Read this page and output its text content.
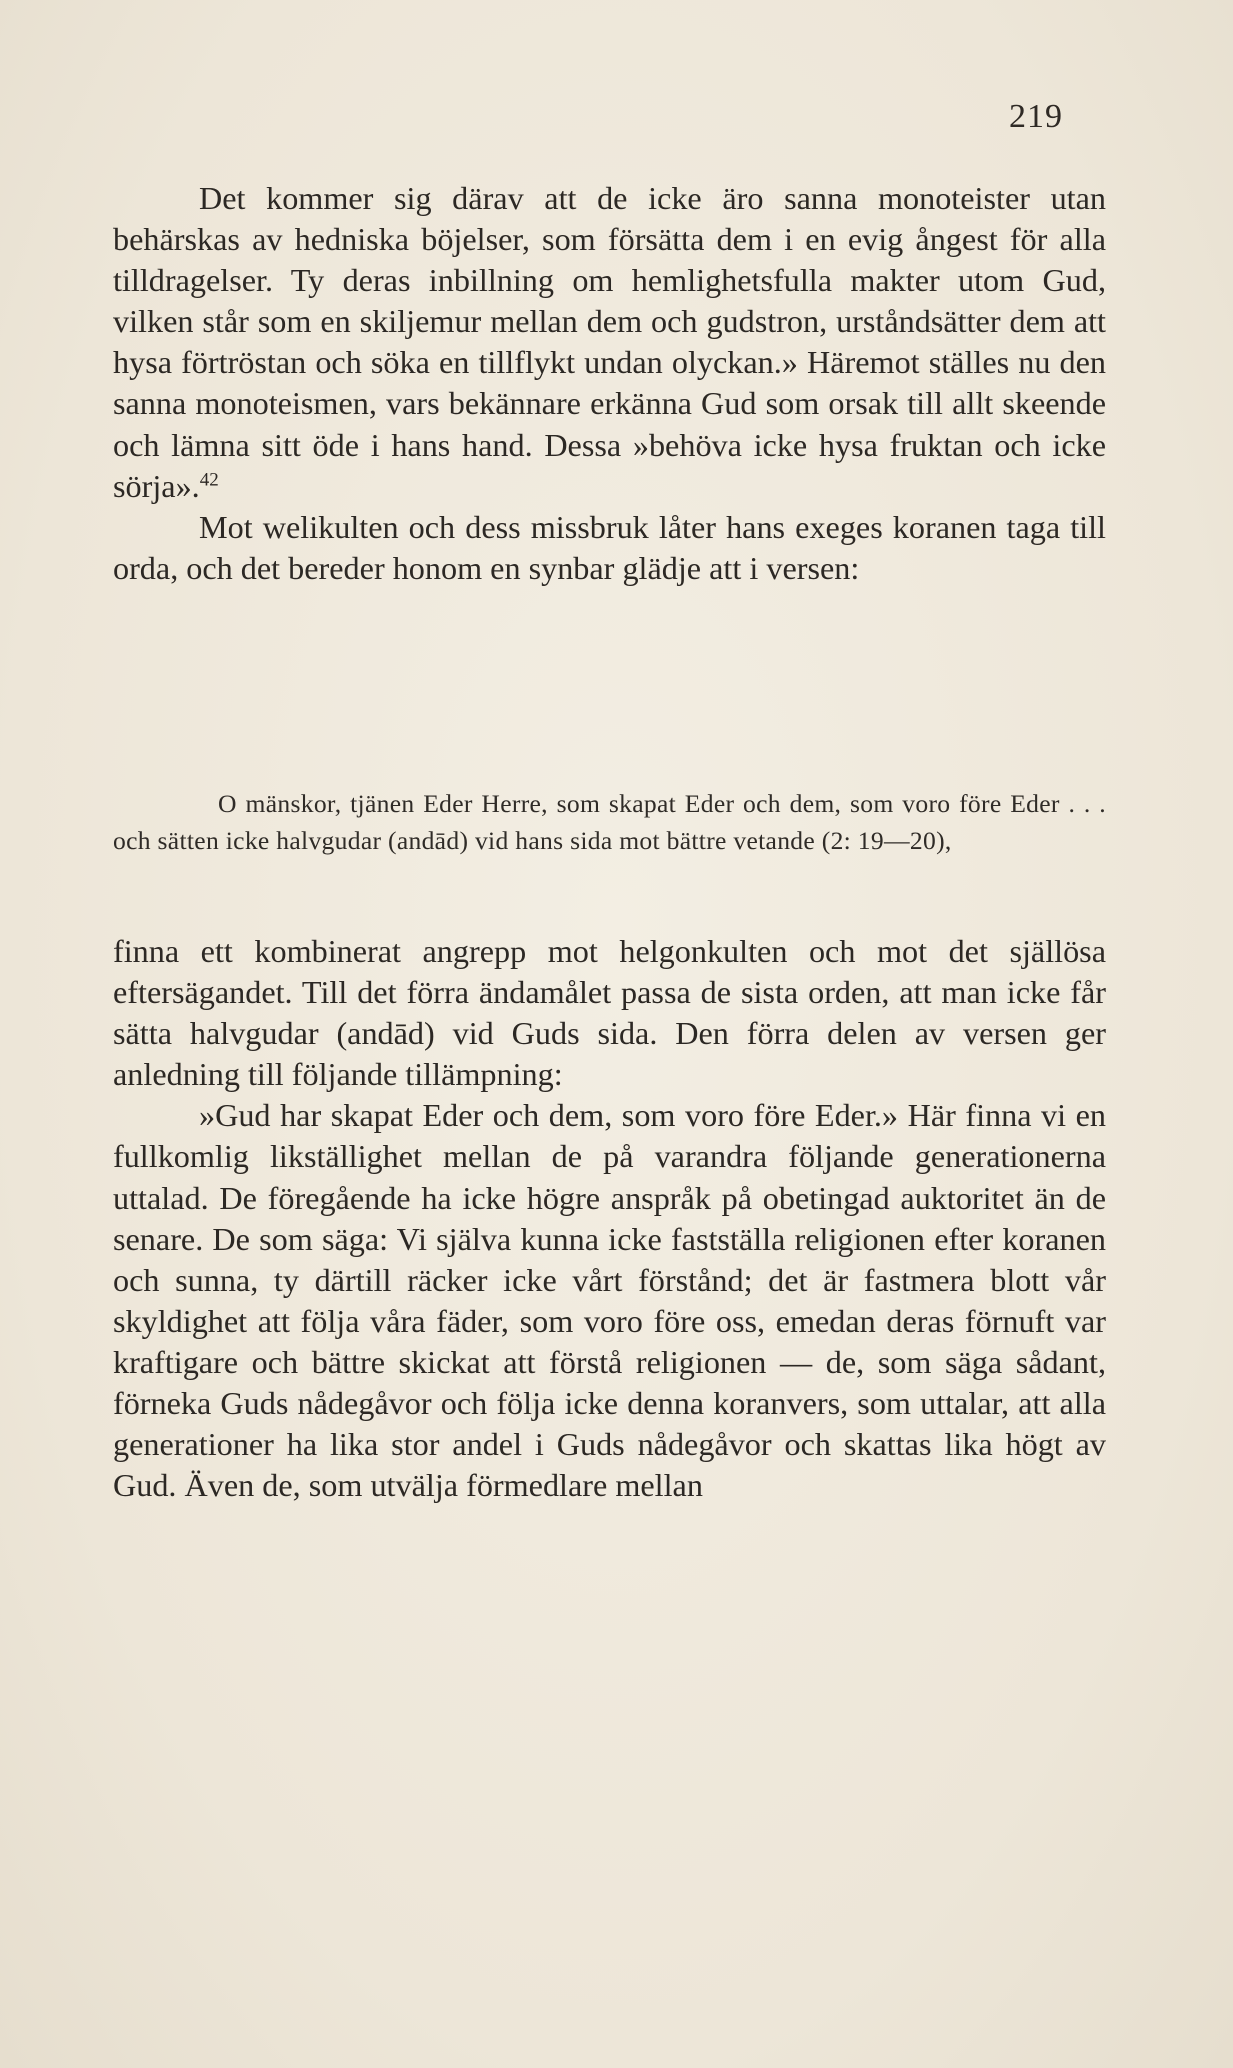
219

Det kommer sig därav att de icke äro sanna monoteister utan behärskas av hedniska böjelser, som försätta dem i en evig ångest för alla tilldragelser. Ty deras inbillning om hemlighetsfulla makter utom Gud, vilken står som en skiljemur mellan dem och gudstron, urståndsätter dem att hysa förtröstan och söka en tillflykt undan olyckan.» Häremot ställes nu den sanna monoteismen, vars bekännare erkänna Gud som orsak till allt skeende och lämna sitt öde i hans hand. Dessa »behöva icke hysa fruktan och icke sörja».$^{42}$

Mot welikulten och dess missbruk låter hans exeges koranen taga till orda, och det bereder honom en synbar glädje att i versen:

O mänskor, tjänen Eder Herre, som skapat Eder och dem, som voro före Eder . . . och sätten icke halvgudar (andād) vid hans sida mot bättre vetande (2: 19—20),

finna ett kombinerat angrepp mot helgonkulten och mot det själlösa eftersägandet. Till det förra ändamålet passa de sista orden, att man icke får sätta halvgudar (andād) vid Guds sida. Den förra delen av versen ger anledning till följande tillämpning:

»Gud har skapat Eder och dem, som voro före Eder.» Här finna vi en fullkomlig likställighet mellan de på varandra följande generationerna uttalad. De föregående ha icke högre anspråk på obetingad auktoritet än de senare. De som säga: Vi själva kunna icke fastställa religionen efter koranen och sunna, ty därtill räcker icke vårt förstånd; det är fastmera blott vår skyldighet att följa våra fäder, som voro före oss, emedan deras förnuft var kraftigare och bättre skickat att förstå religionen — de, som säga sådant, förneka Guds nådegåvor och följa icke denna koranvers, som uttalar, att alla generationer ha lika stor andel i Guds nådegåvor och skattas lika högt av Gud. Även de, som utvälja förmedlare mellan
